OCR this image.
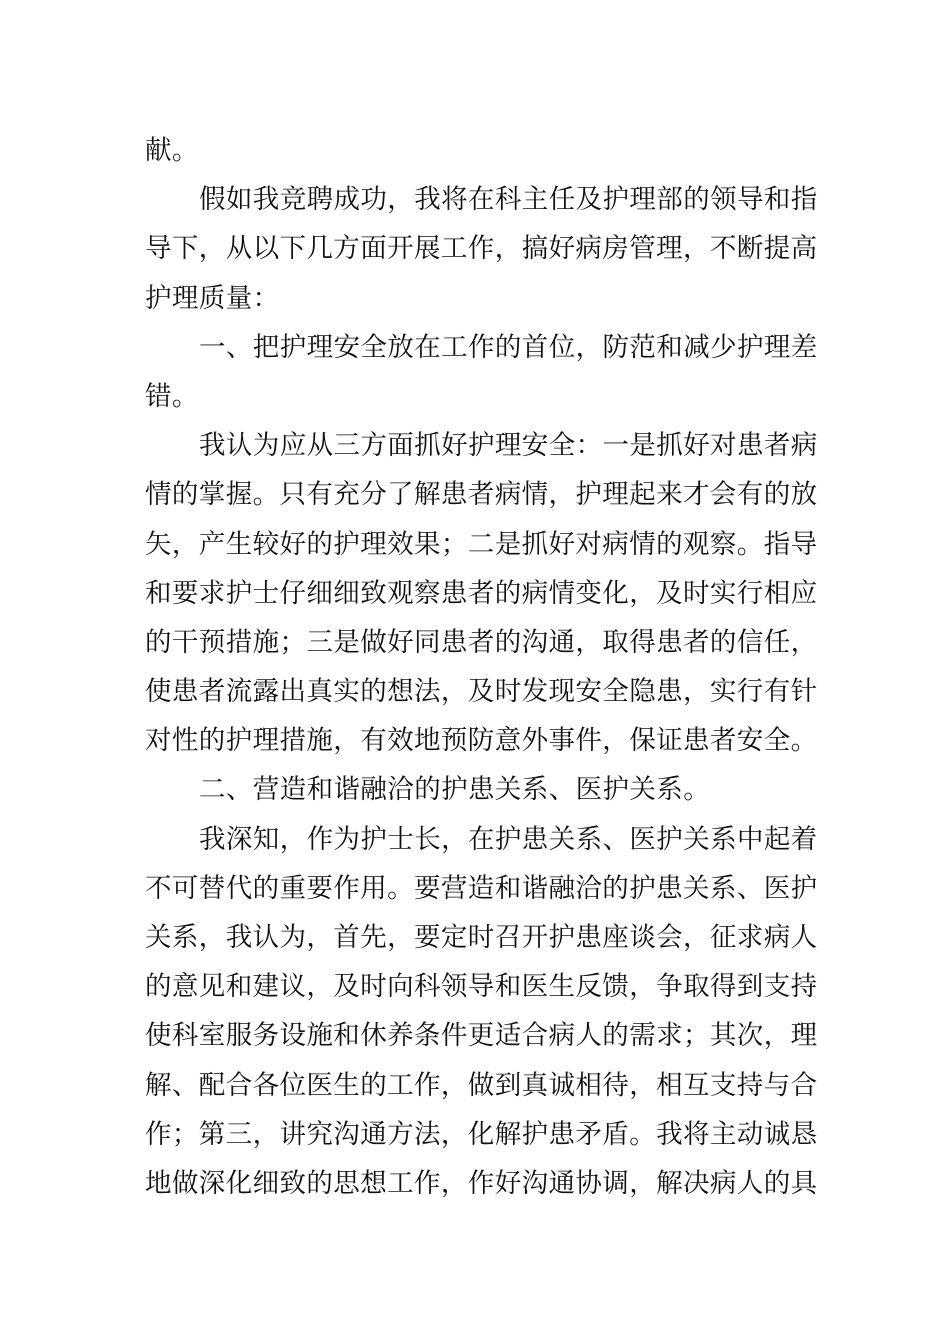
献。

假如我竞聘成功，我将在科主任及护理部的领导和指
导下，从以下几方面开展工作，搞好病房管理，不断提高
护理质量：

一、把护理安全放在工作的首位，防范和减少护理差
错。

我认为应从三方面抓好护理安全：一是抓好对患者病
情的掌握。只有充分了解患者病情，护理起来才会有的放
矢，产生较好的护理效果；二是抓好对病情的观察。指导
和要求护士仔细细致观察患者的病情变化，及时实行相应
的干预措施；三是做好同患者的沟通，取得患者的信任，
使患者流露出真实的想法，及时发现安全隐患，实行有针
对性的护理措施，有效地预防意外事件，保证患者安全。

二、营造和谐融洽的护患关系、医护关系。

我深知，作为护士长，在护患关系、医护关系中起着
不可替代的重要作用。要营造和谐融洽的护患关系、医护
关系，我认为，首先，要定时召开护患座谈会，征求病人
的意见和建议，及时向科领导和医生反馈，争取得到支持
使科室服务设施和休养条件更适合病人的需求；其次，理
解、配合各位医生的工作，做到真诚相待，相互支持与合
作；第三，讲究沟通方法，化解护患矛盾。我将主动诚恳
地做深化细致的思想工作，作好沟通协调，解决病人的具
